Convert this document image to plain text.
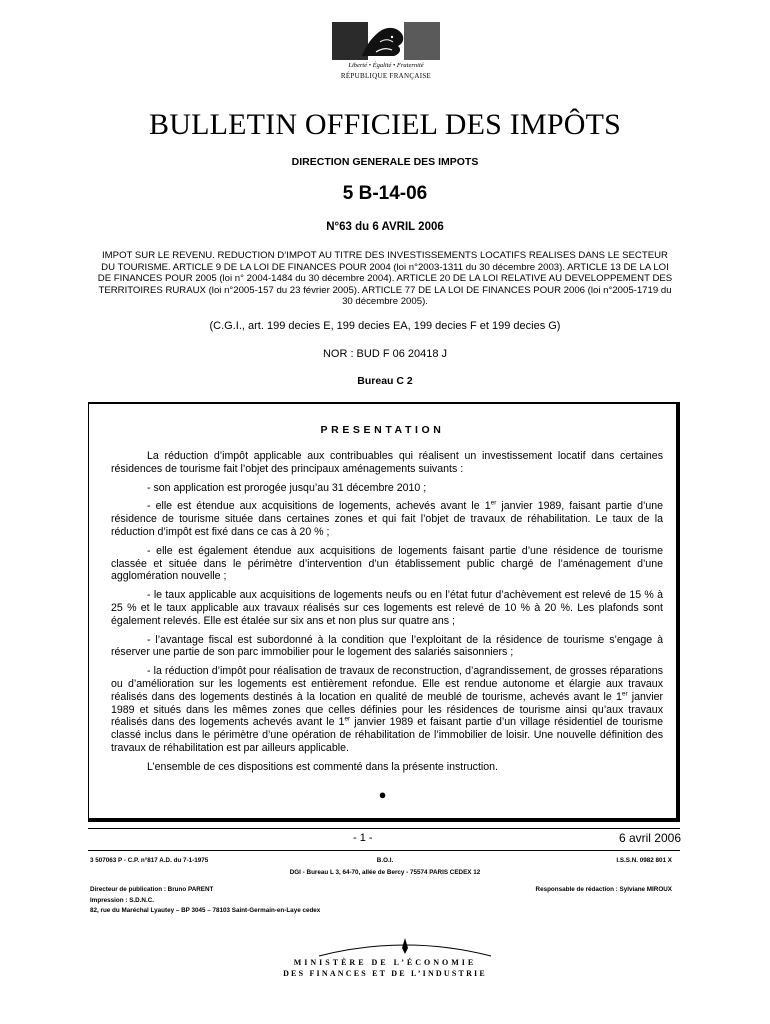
Liberté • Égalité • Fraternité
RÉPUBLIQUE FRANÇAISE
BULLETIN OFFICIEL DES IMPÔTS
DIRECTION GENERALE DES IMPOTS
5 B-14-06
N°63 du 6 AVRIL 2006
IMPOT SUR LE REVENU. REDUCTION D’IMPOT AU TITRE DES INVESTISSEMENTS LOCATIFS REALISES DANS LE SECTEUR DU TOURISME. ARTICLE 9 DE LA LOI DE FINANCES POUR 2004 (loi n°2003-1311 du 30 décembre 2003). ARTICLE 13 DE LA LOI DE FINANCES POUR 2005 (loi n° 2004-1484 du 30 décembre 2004). ARTICLE 20 DE LA LOI RELATIVE AU DEVELOPPEMENT DES TERRITOIRES RURAUX (loi n°2005-157 du 23 février 2005). ARTICLE 77 DE LA LOI DE FINANCES POUR 2006 (loi n°2005-1719 du 30 décembre 2005).
(C.G.I., art. 199 decies E, 199 decies EA, 199 decies F et 199 decies G)
NOR : BUD F 06 20418 J
Bureau C 2
PRESENTATION

La réduction d’impôt applicable aux contribuables qui réalisent un investissement locatif dans certaines résidences de tourisme fait l’objet des principaux aménagements suivants :

- son application est prorogée jusqu’au 31 décembre 2010 ;

- elle est étendue aux acquisitions de logements, achevés avant le 1er janvier 1989, faisant partie d’une résidence de tourisme située dans certaines zones et qui fait l’objet de travaux de réhabilitation. Le taux de la réduction d’impôt est fixé dans ce cas à 20 % ;

- elle est également étendue aux acquisitions de logements faisant partie d’une résidence de tourisme classée et située dans le périmètre d’intervention d’un établissement public chargé de l’aménagement d’une agglomération nouvelle ;

- le taux applicable aux acquisitions de logements neufs ou en l’état futur d’achèvement est relevé de 15 % à 25 % et le taux applicable aux travaux réalisés sur ces logements est relevé de 10 % à 20 %. Les plafonds sont également relevés. Elle est étalée sur six ans et non plus sur quatre ans ;

- l’avantage fiscal est subordonné à la condition que l’exploitant de la résidence de tourisme s’engage à réserver une partie de son parc immobilier pour le logement des salariés saisonniers ;

- la réduction d’impôt pour réalisation de travaux de reconstruction, d’agrandissement, de grosses réparations ou d’amélioration sur les logements est entièrement refondue. Elle est rendue autonome et élargie aux travaux réalisés dans des logements destinés à la location en qualité de meublé de tourisme, achevés avant le 1er janvier 1989 et situés dans les mêmes zones que celles définies pour les résidences de tourisme ainsi qu’aux travaux réalisés dans des logements achevés avant le 1er janvier 1989 et faisant partie d’un village résidentiel de tourisme classé inclus dans le périmètre d’une opération de réhabilitation de l’immobilier de loisir. Une nouvelle définition des travaux de réhabilitation est par ailleurs applicable.

L’ensemble de ces dispositions est commenté dans la présente instruction.

●
- 1 -	6 avril 2006
3 507063 P - C.P. n°817 A.D. du 7-1-1975	B.O.I.	I.S.S.N. 0982 801 X
DGI - Bureau L 3, 64-70, allée de Bercy - 75574 PARIS CEDEX 12
Directeur de publication : Bruno PARENT	Responsable de rédaction : Sylviane MIROUX
Impression : S.D.N.C.
82, rue du Maréchal Lyautey – BP 3045 – 78103 Saint-Germain-en-Laye cedex
MINISTÈRE DE L’ÉCONOMIE
DES FINANCES ET DE L’INDUSTRIE
